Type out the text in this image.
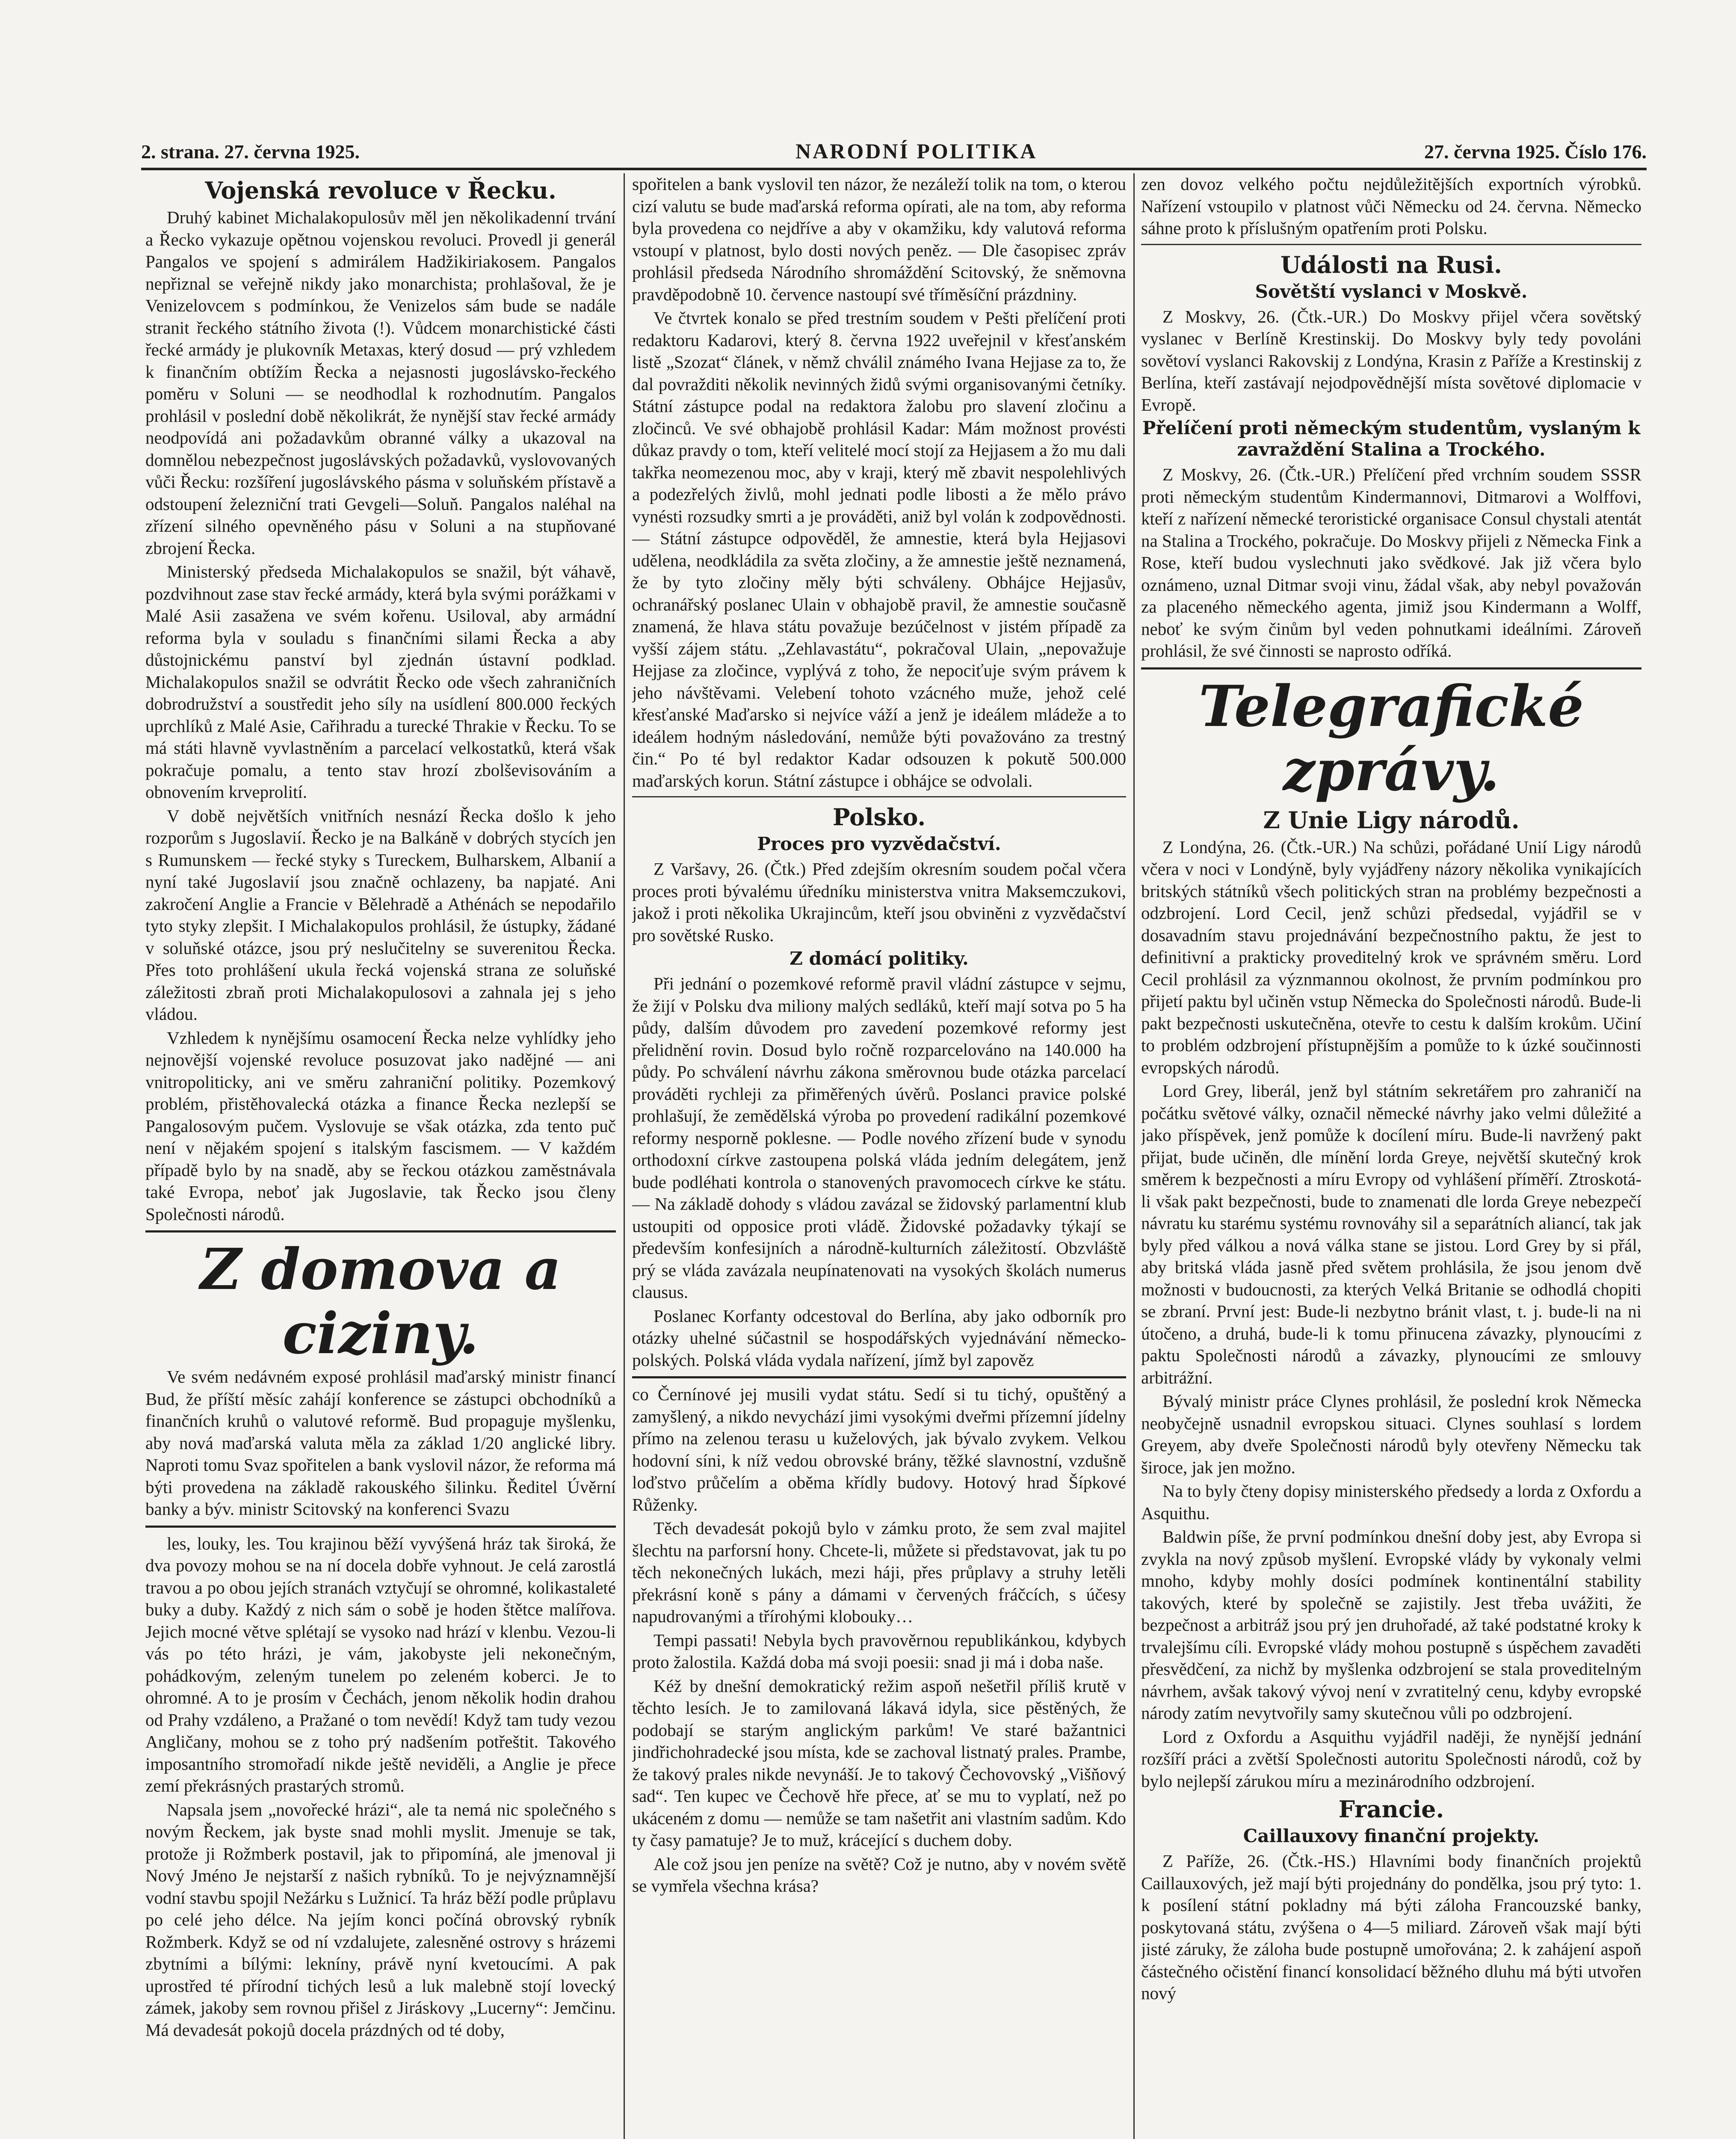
2. strana. 27. června 1925.	NARODNÍ POLITIKA	27. června 1925. Číslo 176.
Vojenská revoluce v Řecku.

Druhý kabinet Michalakopulosův měl jen několikadenní trvání a Řecko vykazuje opětnou vojenskou revoluci. Provedl ji generál Pangalos ve spojení s admirálem Hadžikiriakosem. Pangalos nepřiznal se veřejně nikdy jako monarchista; prohlašoval, že je Venizelovcem s podmínkou, že Venizelos sám bude se nadále stranit řeckého státního života (!). Vůdcem monarchistické části řecké armády je plukovník Metaxas, který dosud — prý vzhledem k finančním obtížím Řecka a nejasnosti jugoslávsko-řeckého poměru v Soluni — se neodhodlal k rozhodnutím. Pangalos prohlásil v poslední době několikrát, že nynější stav řecké armády neodpovídá ani požadavkům obranné války a ukazoval na domnělou nebezpečnost jugoslávských požadavků, vyslovovaných vůči Řecku: rozšíření jugoslávského pásma v soluňském přístavě a odstoupení železniční trati Gevgeli—Soluň. Pangalos naléhal na zřízení silného opevněného pásu v Soluni a na stupňované zbrojení Řecka.

Ministerský předseda Michalakopulos se snažil, být váhavě, pozdvihnout zase stav řecké armády, která byla svými porážkami v Malé Asii zasažena ve svém kořenu. Usiloval, aby armádní reforma byla v souladu s finančními silami Řecka a aby důstojnickému panství byl zjednán ústavní podklad. Michalakopulos snažil se odvrátit Řecko ode všech zahraničních dobrodružství a soustředit jeho síly na usídlení 800.000 řeckých uprchlíků z Malé Asie, Cařihradu a turecké Thrakie v Řecku. To se má státi hlavně vyvlastněním a parcelací velkostatků, která však pokračuje pomalu, a tento stav hrozí zbolševisováním a obnovením krveprolití.

V době největších vnitřních nesnází Řecka došlo k jeho rozporům s Jugoslavií. Řecko je na Balkáně v dobrých stycích jen s Rumunskem — řecké styky s Tureckem, Bulharskem, Albanií a nyní také Jugoslavií jsou značně ochlazeny, ba napjaté. Ani zakročení Anglie a Francie v Bělehradě a Athénách se nepodařilo tyto styky zlepšit. I Michalakopulos prohlásil, že ústupky, žádané v soluňské otázce, jsou prý neslučitelny se suverenitou Řecka. Přes toto prohlášení ukula řecká vojenská strana ze soluňské záležitosti zbraň proti Michalakopulosovi a zahnala jej s jeho vládou.

Vzhledem k nynějšímu osamocení Řecka nelze vyhlídky jeho nejnovější vojenské revoluce posuzovat jako nadějné — ani vnitropoliticky, ani ve směru zahraniční politiky. Pozemkový problém, přistěhovalecká otázka a finance Řecka nezlepší se Pangalosovým pučem. Vyslovuje se však otázka, zda tento puč není v nějakém spojení s italským fascismem. — V každém případě bylo by na snadě, aby se řeckou otázkou zaměstnávala také Evropa, neboť jak Jugoslavie, tak Řecko jsou členy Společnosti národů.

Z domova a ciziny.

Ve svém nedávném exposé prohlásil maďarský ministr financí Bud, že příští měsíc zahájí konference se zástupci obchodníků a finančních kruhů o valutové reformě. Bud propaguje myšlenku, aby nová maďarská valuta měla za základ 1/20 anglické libry. Naproti tomu Svaz spořitelen a bank vyslovil názor, že reforma má býti provedena na základě rakouského šilinku. Ředitel Úvěrní banky a býv. ministr Scitovský na konferenci Svazu

les, louky, les. Tou krajinou běží vyvýšená hráz tak široká, že dva povozy mohou se na ní docela dobře vyhnout. Je celá zarostlá travou a po obou jejích stranách vztyčují se ohromné, kolikastaleté buky a duby. Každý z nich sám o sobě je hoden štětce malířova. Jejich mocné větve splétají se vysoko nad hrází v klenbu. Vezou-li vás po této hrázi, je vám, jakobyste jeli nekonečným, pohádkovým, zeleným tunelem po zeleném koberci. Je to ohromné. A to je prosím v Čechách, jenom několik hodin drahou od Prahy vzdáleno, a Pražané o tom nevědí! Když tam tudy vezou Angličany, mohou se z toho prý nadšením potřeštit. Takového imposantního stromořadí nikde ještě neviděli, a Anglie je přece zemí překrásných prastarých stromů.

Napsala jsem „novořecké hrázi“, ale ta nemá nic společného s novým Řeckem, jak byste snad mohli myslit. Jmenuje se tak, protože ji Rožmberk postavil, jak to připomíná, ale jmenoval ji Nový Jméno Je nejstarší z našich rybníků. To je nejvýznamnější vodní stavbu spojil Nežárku s Lužnicí. Ta hráz běží podle průplavu po celé jeho délce. Na jejím konci počíná obrovský rybník Rožmberk. Když se od ní vzdalujete, zalesněné ostrovy s hrázemi zbytními a bílými: lekníny, právě nyní kvetoucími. A pak uprostřed té přírodní tichých lesů a luk malebně stojí lovecký zámek, jakoby sem rovnou přišel z Jiráskovy „Lucerny“: Jemčinu. Má devadesát pokojů docela prázdných od té doby,

spořitelen a bank vyslovil ten názor, že nezáleží tolik na tom, o kterou cizí valutu se bude maďarská reforma opírati, ale na tom, aby reforma byla provedena co nejdříve a aby v okamžiku, kdy valutová reforma vstoupí v platnost, bylo dosti nových peněz. — Dle časopisec zpráv prohlásil předseda Národního shromáždění Scitovský, že sněmovna pravděpodobně 10. července nastoupí své tříměsíční prázdniny.

Ve čtvrtek konalo se před trestním soudem v Pešti přelíčení proti redaktoru Kadarovi, který 8. června 1922 uveřejnil v křesťanském listě „Szozat“ článek, v němž chválil známého Ivana Hejjase za to, že dal povražditi několik nevinných židů svými organisovanými četníky. Státní zástupce podal na redaktora žalobu pro slavení zločinu a zločinců. Ve své obhajobě prohlásil Kadar: Mám možnost provésti důkaz pravdy o tom, kteří velitelé mocí stojí za Hejjasem a žo mu dali takřka neomezenou moc, aby v kraji, který mě zbavit nespolehlivých a podezřelých živlů, mohl jednati podle libosti a že mělo právo vynésti rozsudky smrti a je prováděti, aniž byl volán k zodpovědnosti. — Státní zástupce odpověděl, že amnestie, která byla Hejjasovi udělena, neodkládila za světa zločiny, a že amnestie ještě neznamená, že by tyto zločiny měly býti schváleny. Obhájce Hejjasův, ochranářský poslanec Ulain v obhajobě pravil, že amnestie současně znamená, že hlava státu považuje bezúčelnost v jistém případě za vyšší zájem státu. „Zehlavastátu“, pokračoval Ulain, „nepovažuje Hejjase za zločince, vyplývá z toho, že nepociťuje svým právem k jeho návštěvami. Velebení tohoto vzácného muže, jehož celé křesťanské Maďarsko si nejvíce váží a jenž je ideálem mládeže a to ideálem hodným následování, nemůže býti považováno za trestný čin.“ Po té byl redaktor Kadar odsouzen k pokutě 500.000 maďarských korun. Státní zástupce i obhájce se odvolali.

Polsko.
Proces pro vyzvědačství.

Z Varšavy, 26. (Čtk.) Před zdejším okresním soudem počal včera proces proti bývalému úředníku ministerstva vnitra Maksemczukovi, jakož i proti několika Ukrajincům, kteří jsou obviněni z vyzvědačství pro sovětské Rusko.

Z domácí politiky.

Při jednání o pozemkové reformě pravil vládní zástupce v sejmu, že žijí v Polsku dva miliony malých sedláků, kteří mají sotva po 5 ha půdy, dalším důvodem pro zavedení pozemkové reformy jest přelidnění rovin. Dosud bylo ročně rozparcelováno na 140.000 ha půdy. Po schválení návrhu zákona směrovnou bude otázka parcelací prováděti rychleji za přiměřených úvěrů. Poslanci pravice polské prohlašují, že zemědělská výroba po provedení radikální pozemkové reformy nesporně poklesne. — Podle nového zřízení bude v synodu orthodoxní církve zastoupena polská vláda jedním delegátem, jenž bude podléhati kontrola o stanovených pravomocech církve ke státu. — Na základě dohody s vládou zavázal se židovský parlamentní klub ustoupiti od opposice proti vládě. Židovské požadavky týkají se především konfesijních a národně-kulturních záležitostí. Obzvláště prý se vláda zavázala neupínatenovati na vysokých školách numerus clausus.

Poslanec Korfanty odcestoval do Berlína, aby jako odborník pro otázky uhelné súčastnil se hospodářských vyjednávání německo-polských. Polská vláda vydala nařízení, jímž byl zapověz

co Černínové jej musili vydat státu. Sedí si tu tichý, opuštěný a zamyšlený, a nikdo nevychází jimi vysokými dveřmi přízemní jídelny přímo na zelenou terasu u kuželových, jak bývalo zvykem. Velkou hodovní síni, k níž vedou obrovské brány, těžké slavnostní, vzdušně loďstvo průčelím a oběma křídly budovy. Hotový hrad Šípkové Růženky.

Těch devadesát pokojů bylo v zámku proto, že sem zval majitel šlechtu na parforsní hony. Chcete-li, můžete si představovat, jak tu po těch nekonečných lukách, mezi háji, přes průplavy a struhy letěli překrásní koně s pány a dámami v červených fráčcích, s účesy napudrovanými a třírohými klobouky…

Tempi passati! Nebyla bych pravověrnou republikánkou, kdybych proto žalostila. Každá doba má svoji poesii: snad ji má i doba naše.

Kéž by dnešní demokratický režim aspoň nešetřil příliš krutě v těchto lesích. Je to zamilovaná lákavá idyla, sice pěstěných, že podobají se starým anglickým parkům! Ve staré bažantnici jindřichohradecké jsou místa, kde se zachoval listnatý prales. Prambe, že takový prales nikde nevynáší. Je to takový Čechovovský „Višňový sad“. Ten kupec ve Čechově hře přece, ať se mu to vyplatí, než po ukáceném z domu — nemůže se tam našetřit ani vlastním sadům. Kdo ty časy pamatuje? Je to muž, krácející s duchem doby.

Ale což jsou jen peníze na světě? Což je nutno, aby v novém světě se vymřela všechna krása?

zen dovoz velkého počtu nejdůležitějších exportních výrobků. Nařízení vstoupilo v platnost vůči Německu od 24. června. Německo sáhne proto k příslušným opatřením proti Polsku.

Události na Rusi.
Sovětští vyslanci v Moskvě.

Z Moskvy, 26. (Čtk.-UR.) Do Moskvy přijel včera sovětský vyslanec v Berlíně Krestinskij. Do Moskvy byly tedy povoláni sovětoví vyslanci Rakovskij z Londýna, Krasin z Paříže a Krestinskij z Berlína, kteří zastávají nejodpovědnější místa sovětové diplomacie v Evropě.

Přelíčení proti německým studentům, vyslaným k zavraždění Stalina a Trockého.

Z Moskvy, 26. (Čtk.-UR.) Přelíčení před vrchním soudem SSSR proti německým studentům Kindermannovi, Ditmarovi a Wolffovi, kteří z nařízení německé teroristické organisace Consul chystali atentát na Stalina a Trockého, pokračuje. Do Moskvy přijeli z Německa Fink a Rose, kteří budou vyslechnuti jako svědkové. Jak již včera bylo oznámeno, uznal Ditmar svoji vinu, žádal však, aby nebyl považován za placeného německého agenta, jimiž jsou Kindermann a Wolff, neboť ke svým činům byl veden pohnutkami ideálními. Zároveň prohlásil, že své činnosti se naprosto odříká.

Telegrafické zprávy.
Z Unie Ligy národů.

Z Londýna, 26. (Čtk.-UR.) Na schůzi, pořádané Unií Ligy národů včera v noci v Londýně, byly vyjádřeny názory několika vynikajících britských státníků všech politických stran na problémy bezpečnosti a odzbrojení. Lord Cecil, jenž schůzi předsedal, vyjádřil se v dosavadním stavu projednávání bezpečnostního paktu, že jest to definitivní a prakticky proveditelný krok ve správném směru. Lord Cecil prohlásil za význmannou okolnost, že prvním podmínkou pro přijetí paktu byl učiněn vstup Německa do Společnosti národů. Bude-li pakt bezpečnosti uskutečněna, otevře to cestu k dalším krokům. Učiní to problém odzbrojení přístupnějším a pomůže to k úzké součinnosti evropských národů.

Lord Grey, liberál, jenž byl státním sekretářem pro zahraničí na počátku světové války, označil německé návrhy jako velmi důležité a jako příspěvek, jenž pomůže k docílení míru. Bude-li navržený pakt přijat, bude učiněn, dle mínění lorda Greye, největší skutečný krok směrem k bezpečnosti a míru Evropy od vyhlášení příměří. Ztroskotá-li však pakt bezpečnosti, bude to znamenati dle lorda Greye nebezpečí návratu ku starému systému rovnováhy sil a separátních aliancí, tak jak byly před válkou a nová válka stane se jistou. Lord Grey by si přál, aby britská vláda jasně před světem prohlásila, že jsou jenom dvě možnosti v budoucnosti, za kterých Velká Britanie se odhodlá chopiti se zbraní. První jest: Bude-li nezbytno bránit vlast, t. j. bude-li na ni útočeno, a druhá, bude-li k tomu přinucena závazky, plynoucími z paktu Společnosti národů a závazky, plynoucími ze smlouvy arbitrážní.

Bývalý ministr práce Clynes prohlásil, že poslední krok Německa neobyčejně usnadnil evropskou situaci. Clynes souhlasí s lordem Greyem, aby dveře Společnosti národů byly otevřeny Německu tak široce, jak jen možno.

Na to byly čteny dopisy ministerského předsedy a lorda z Oxfordu a Asquithu.

Baldwin píše, že první podmínkou dnešní doby jest, aby Evropa si zvykla na nový způsob myšlení. Evropské vlády by vykonaly velmi mnoho, kdyby mohly dosíci podmínek kontinentální stability takových, které by společně se zajistily. Jest třeba uvážiti, že bezpečnost a arbitráž jsou prý jen druhořadé, až také podstatné kroky k trvalejšímu cíli. Evropské vlády mohou postupně s úspěchem zavaděti přesvědčení, za nichž by myšlenka odzbrojení se stala proveditelným návrhem, avšak takový vývoj není v zvratitelný cenu, kdyby evropské národy zatím nevytvořily samy skutečnou vůli po odzbrojení.

Lord z Oxfordu a Asquithu vyjádřil naději, že nynější jednání rozšíří práci a zvětší Společnosti autoritu Společnosti národů, což by bylo nejlepší zárukou míru a mezinárodního odzbrojení.

Francie.
Caillauxovy finanční projekty.

Z Paříže, 26. (Čtk.-HS.) Hlavními body finančních projektů Caillauxových, jež mají býti projednány do pondělka, jsou prý tyto: 1. k posílení státní pokladny má býti záloha Francouzské banky, poskytovaná státu, zvýšena o 4—5 miliard. Zároveň však mají býti jisté záruky, že záloha bude postupně umořována; 2. k zahájení aspoň částečného očistění financí konsolidací běžného dluhu má býti utvořen nový
